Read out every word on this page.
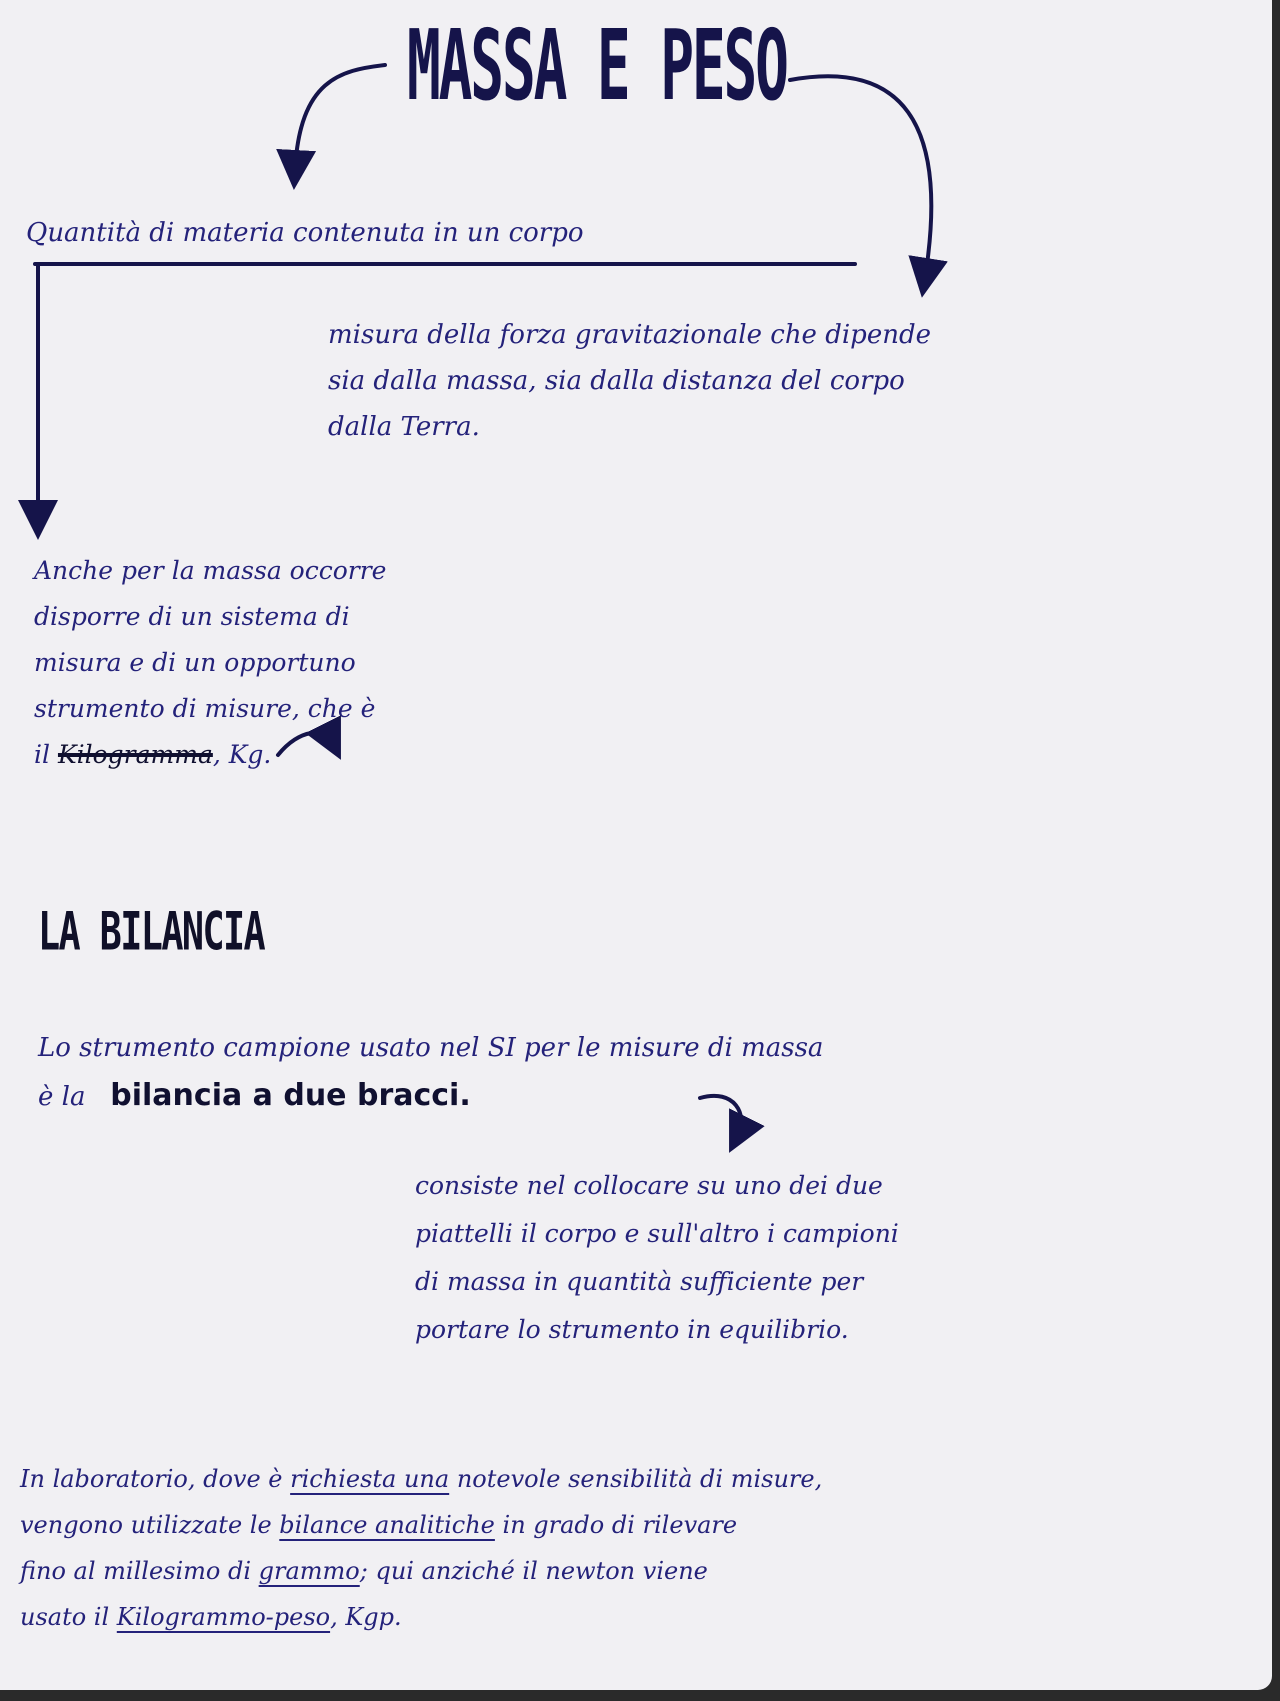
MASSA E PESO
Quantità di materia contenuta in un corpo
misura della forza gravitazionale che dipende
sia dalla massa, sia dalla distanza del corpo
dalla Terra.
Anche per la massa occorre
disporre di un sistema di
misura e di un opportuno
strumento di misure, che è
il Kilogramma, Kg.
LA BILANCIA
Lo strumento campione usato nel SI per le misure di massa
è la bilancia a due bracci.
consiste nel collocare su uno dei due
piattelli il corpo e sull'altro i campioni
di massa in quantità sufficiente per
portare lo strumento in equilibrio.
In laboratorio, dove è richiesta una notevole sensibilità di misure,
vengono utilizzate le bilance analitiche in grado di rilevare
fino al millesimo di grammo; qui anziché il newton viene
usato il Kilogrammo-peso, Kgp.
